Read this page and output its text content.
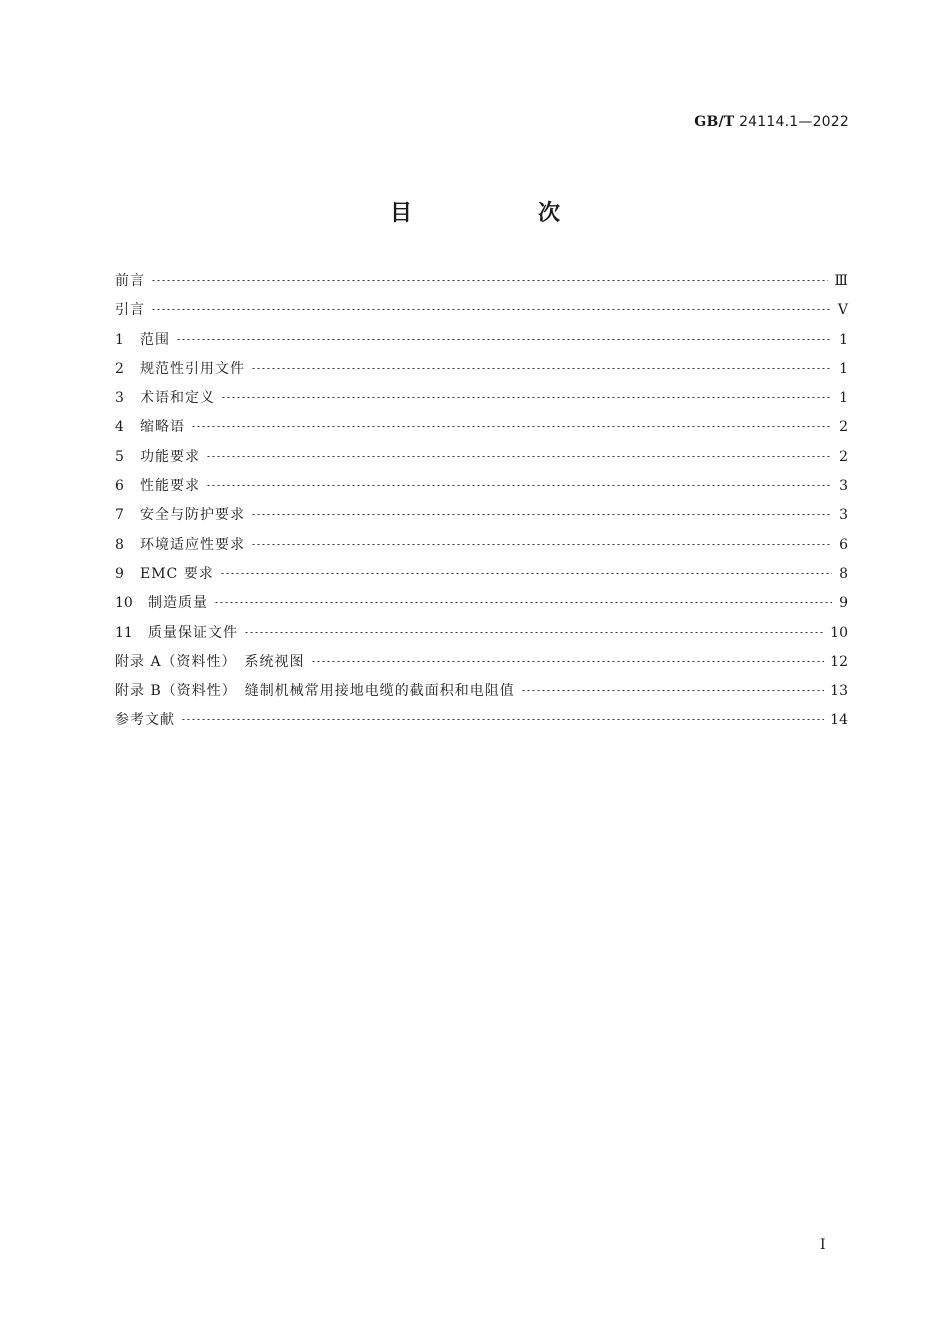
GB/T 24114.1—2022
目　次
前言	Ⅲ
引言	Ⅴ
1	范围	1
2	规范性引用文件	1
3	术语和定义	1
4	缩略语	2
5	功能要求	2
6	性能要求	3
7	安全与防护要求	3
8	环境适应性要求	6
9	EMC 要求	8
10	制造质量	9
11	质量保证文件	10
附录 A（资料性）　系统视图	12
附录 B（资料性）　缝制机械常用接地电缆的截面积和电阻值	13
参考文献	14
Ⅰ
